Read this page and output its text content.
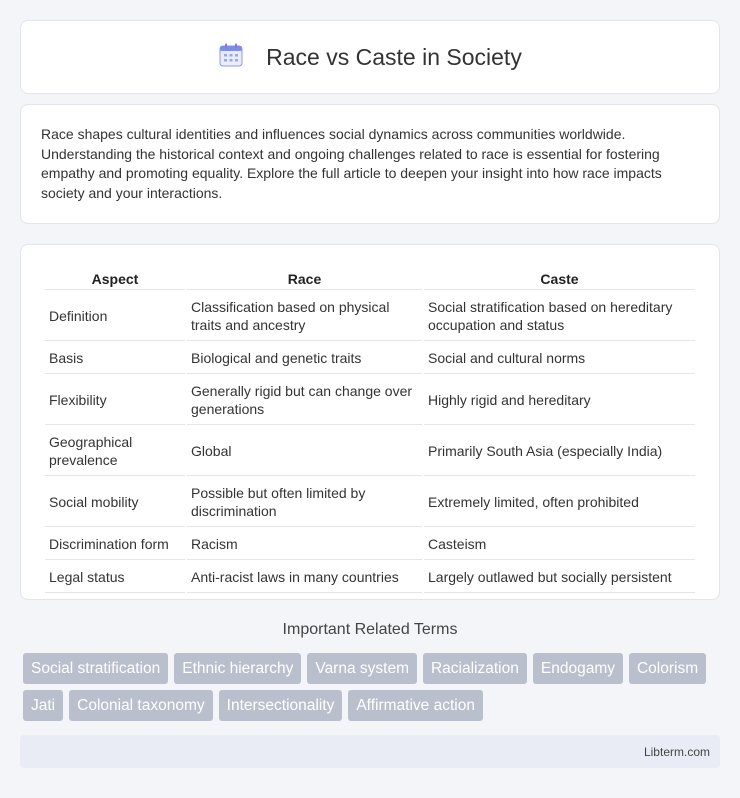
Race vs Caste in Society

Race shapes cultural identities and influences social dynamics across communities worldwide. Understanding the historical context and ongoing challenges related to race is essential for fostering empathy and promoting equality. Explore the full article to deepen your insight into how race impacts society and your interactions.

Aspect	Race	Caste
Definition	Classification based on physical traits and ancestry	Social stratification based on hereditary occupation and status
Basis	Biological and genetic traits	Social and cultural norms
Flexibility	Generally rigid but can change over generations	Highly rigid and hereditary
Geographical prevalence	Global	Primarily South Asia (especially India)
Social mobility	Possible but often limited by discrimination	Extremely limited, often prohibited
Discrimination form	Racism	Casteism
Legal status	Anti-racist laws in many countries	Largely outlawed but socially persistent
Important Related Terms
Social stratification	Ethnic hierarchy	Varna system	Racialization	Endogamy	Colorism
Jati	Colonial taxonomy	Intersectionality	Affirmative action
Libterm.com
